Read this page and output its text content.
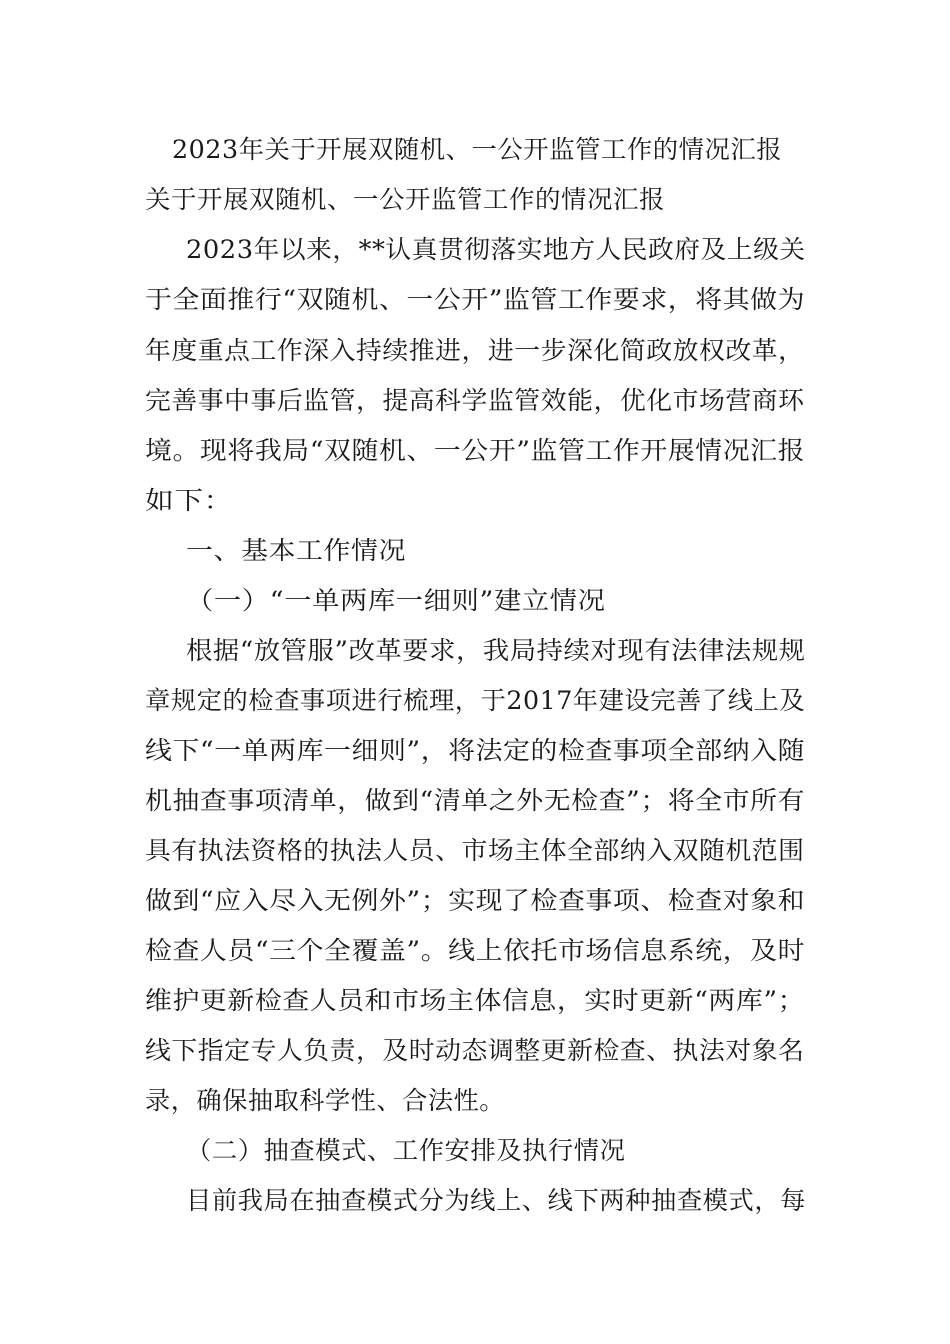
2023年关于开展双随机、一公开监管工作的情况汇报
关于开展双随机、一公开监管工作的情况汇报
2023年以来，**认真贯彻落实地方人民政府及上级关
于全面推行“双随机、一公开”监管工作要求，将其做为
年度重点工作深入持续推进，进一步深化简政放权改革，
完善事中事后监管，提高科学监管效能，优化市场营商环
境。现将我局“双随机、一公开”监管工作开展情况汇报
如下：
一、基本工作情况
（一）“一单两库一细则”建立情况
根据“放管服”改革要求，我局持续对现有法律法规规
章规定的检查事项进行梳理，于2017年建设完善了线上及
线下“一单两库一细则”，将法定的检查事项全部纳入随
机抽查事项清单，做到“清单之外无检查”；将全市所有
具有执法资格的执法人员、市场主体全部纳入双随机范围
做到“应入尽入无例外”；实现了检查事项、检查对象和
检查人员“三个全覆盖”。线上依托市场信息系统，及时
维护更新检查人员和市场主体信息，实时更新“两库”；
线下指定专人负责，及时动态调整更新检查、执法对象名
录，确保抽取科学性、合法性。
（二）抽查模式、工作安排及执行情况
目前我局在抽查模式分为线上、线下两种抽查模式，每
